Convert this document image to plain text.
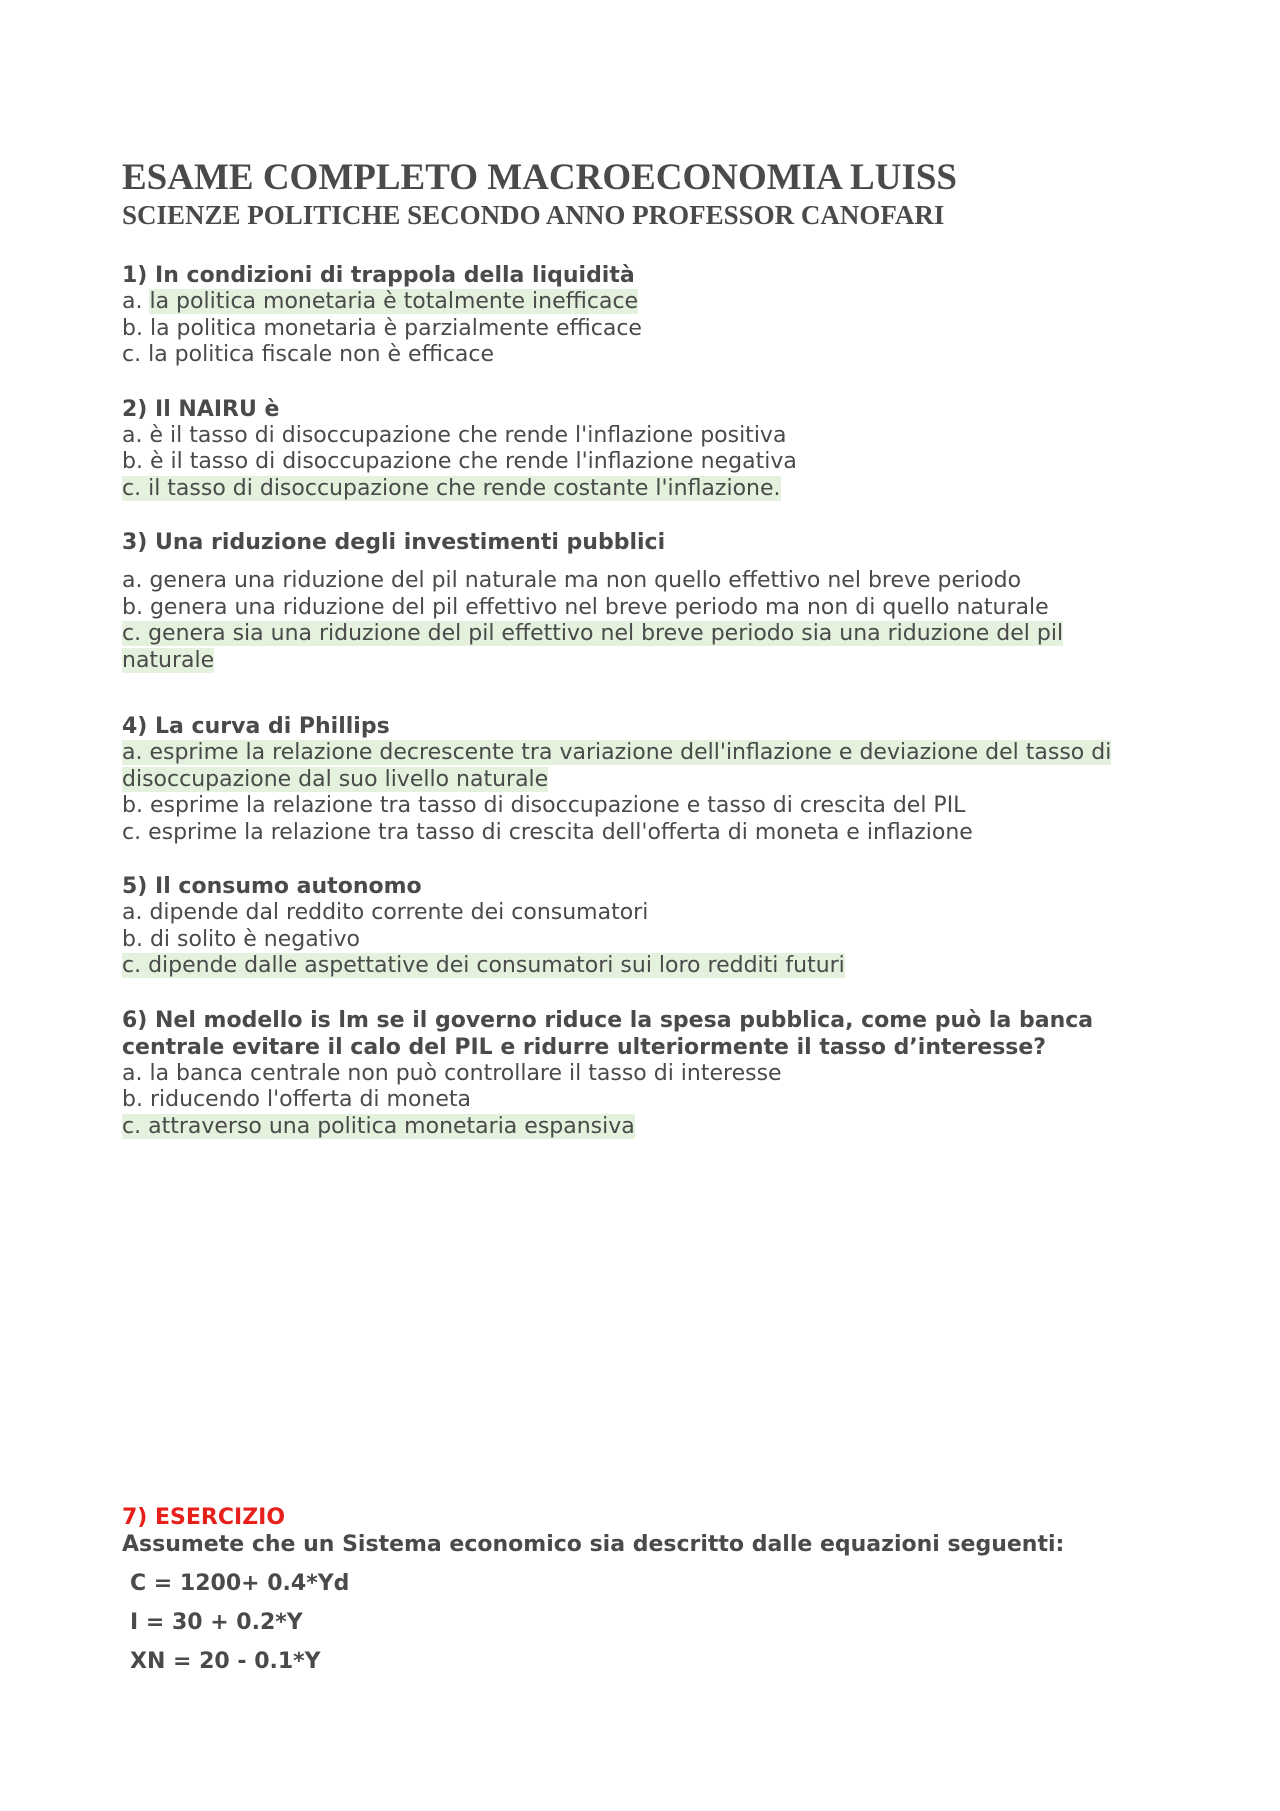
ESAME COMPLETO MACROECONOMIA LUISS
SCIENZE POLITICHE SECONDO ANNO PROFESSOR CANOFARI

1) In condizioni di trappola della liquidità

a. la politica monetaria è totalmente inefficace

b. la politica monetaria è parzialmente efficace

c. la politica fiscale non è efficace

2) Il NAIRU è

a. è il tasso di disoccupazione che rende l'inflazione positiva

b. è il tasso di disoccupazione che rende l'inflazione negativa

c. il tasso di disoccupazione che rende costante l'inflazione.

3) Una riduzione degli investimenti pubblici

a. genera una riduzione del pil naturale ma non quello effettivo nel breve periodo

b. genera una riduzione del pil effettivo nel breve periodo ma non di quello naturale

c. genera sia una riduzione del pil effettivo nel breve periodo sia una riduzione del pil

naturale

4) La curva di Phillips

a. esprime la relazione decrescente tra variazione dell'inflazione e deviazione del tasso di

disoccupazione dal suo livello naturale

b. esprime la relazione tra tasso di disoccupazione e tasso di crescita del PIL

c. esprime la relazione tra tasso di crescita dell'offerta di moneta e inflazione

5) Il consumo autonomo

a. dipende dal reddito corrente dei consumatori

b. di solito è negativo

c. dipende dalle aspettative dei consumatori sui loro redditi futuri

6) Nel modello is lm se il governo riduce la spesa pubblica, come può la banca

centrale evitare il calo del PIL e ridurre ulteriormente il tasso d’interesse?

a. la banca centrale non può controllare il tasso di interesse

b. riducendo l'offerta di moneta

c. attraverso una politica monetaria espansiva

7) ESERCIZIO

Assumete che un Sistema economico sia descritto dalle equazioni seguenti:

C = 1200+ 0.4*Yd

I = 30 + 0.2*Y

XN = 20 - 0.1*Y
